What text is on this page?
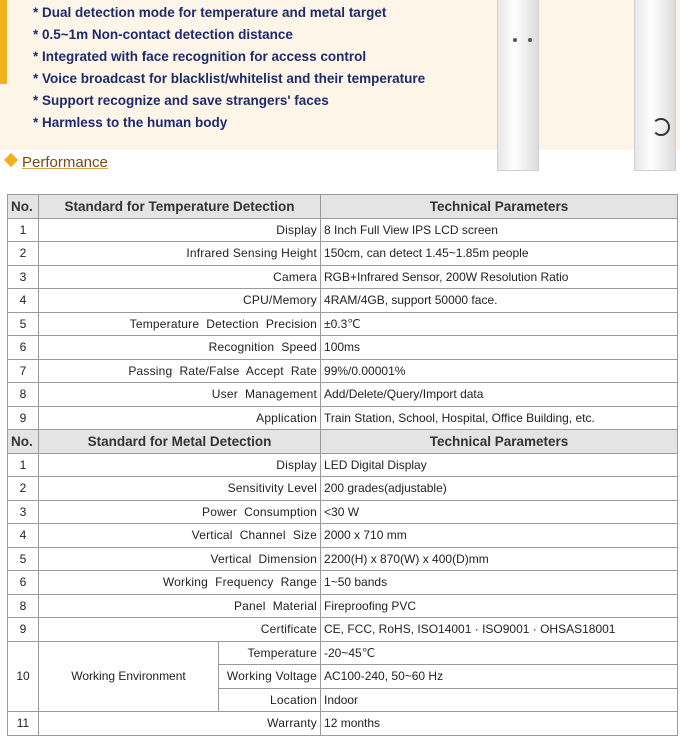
* Dual detection mode for temperature and metal target
* 0.5~1m Non-contact detection distance
* Integrated with face recognition for access control
* Voice broadcast for blacklist/whitelist and their temperature
* Support recognize and save strangers' faces
* Harmless to the human body
Performance
No.	Standard for Temperature Detection		Technical Parameters
1	Display		8 Inch Full View IPS LCD screen
2	Infrared Sensing Height		150cm, can detect 1.45~1.85m people
3	Camera		RGB+Infrared Sensor, 200W Resolution Ratio
4	CPU/Memory		4RAM/4GB, support 50000 face.
5	Temperature  Detection  Precision		±0.3℃
6	Recognition  Speed		100ms
7	Passing  Rate/False  Accept  Rate		99%/0.00001%
8	User  Management		Add/Delete/Query/Import data
9	Application		Train Station, School, Hospital, Office Building, etc.
No.	Standard for Metal Detection		Technical Parameters
1	Display		LED Digital Display
2	Sensitivity Level		200 grades(adjustable)
3	Power  Consumption		<30 W
4	Vertical  Channel  Size		2000 x 710 mm
5	Vertical  Dimension		2200(H) x 870(W) x 400(D)mm
6	Working  Frequency  Range		1~50 bands
8	Panel  Material		Fireproofing PVC
9	Certificate		CE, FCC, RoHS, ISO14001 · ISO9001 · OHSAS18001
10	Working Environment	Temperature	-20~45℃
		Working Voltage	AC100-240, 50~60 Hz
		Location	Indoor
11	Warranty		12 months
